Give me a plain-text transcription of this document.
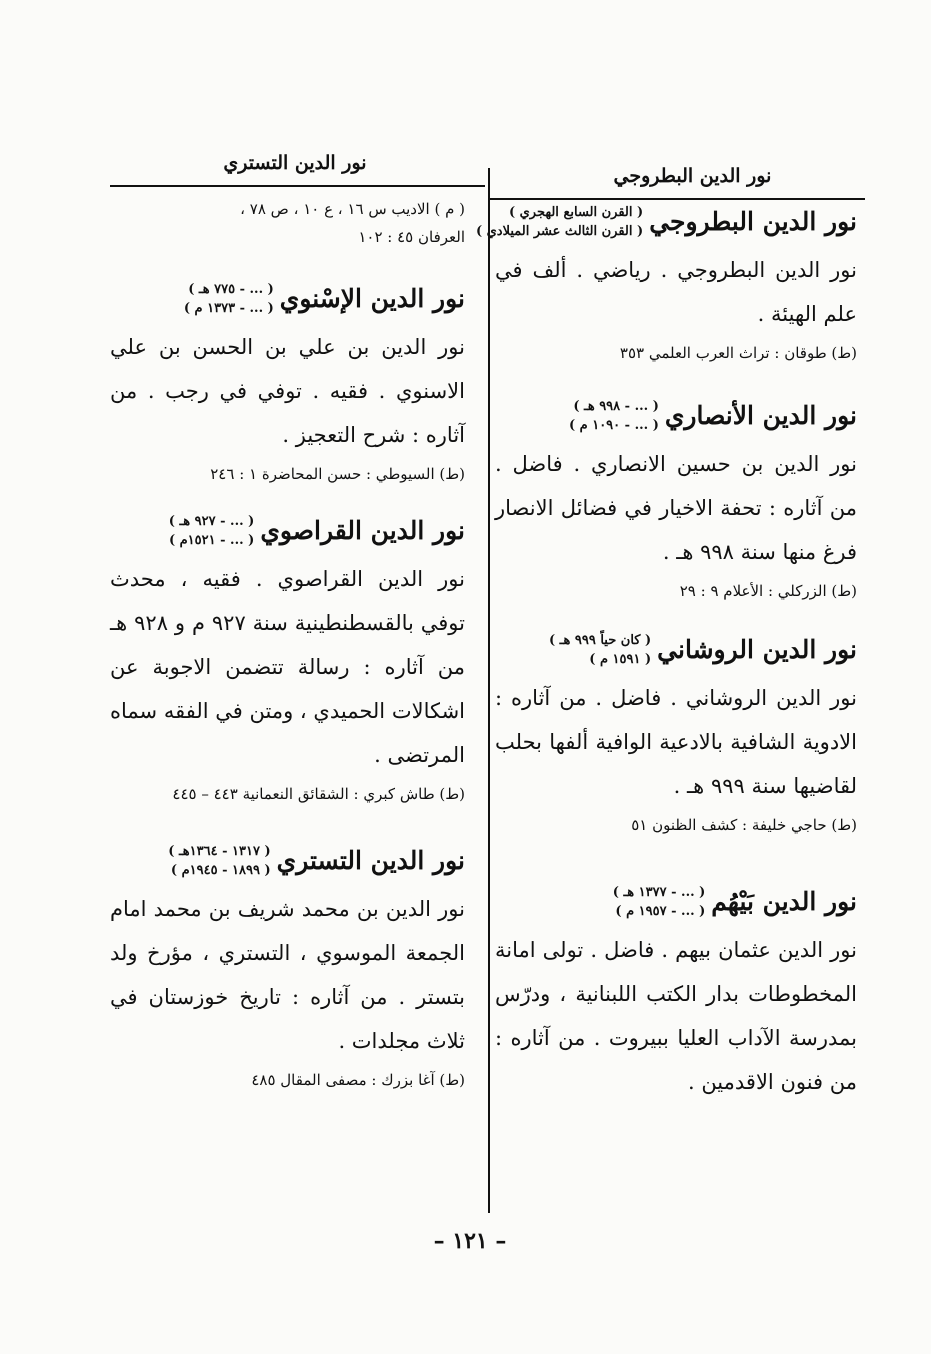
نور الدين البطروجي
نور الدين التستري
نور الدين البطروجي
( القرن السابع الهجري )
( القرن الثالث عشر الميلادي )
نور الدين البطروجي . رياضي . ألف في علم الهيئة .
(ط) طوقان : تراث العرب العلمي ٣٥٣
نور الدين الأنصاري
( ... - ٩٩٨ هـ )
( ... - ١٠٩٠ م )
نور الدين بن حسين الانصاري . فاضل . من آثاره : تحفة الاخيار في فضائل الانصار فرغ منها سنة ٩٩٨ هـ .
(ط) الزركلي : الأعلام ٩ : ٢٩
نور الدين الروشاني
( كان حياً ٩٩٩ هـ )
( ١٥٩١ م )
نور الدين الروشاني . فاضل . من آثاره : الادوية الشافية بالادعية الوافية ألفها بحلب لقاضيها سنة ٩٩٩ هـ .
(ط) حاجي خليفة : كشف الظنون ٥١
نور الدين بَيْهُم
( ... - ١٣٧٧ هـ )
( ... - ١٩٥٧ م )
نور الدين عثمان بيهم . فاضل . تولى امانة المخطوطات بدار الكتب اللبنانية ، ودرّس بمدرسة الآداب العليا ببيروت . من آثاره : من فنون الاقدمين .
( م ) الاديب س ١٦ ، ع ١٠ ، ص ٧٨ ،
العرفان ٤٥ : ١٠٢
نور الدين الإسْنوي
( ... - ٧٧٥ هـ )
( ... - ١٣٧٣ م )
نور الدين بن علي بن الحسن بن علي الاسنوي . فقيه . توفي في رجب . من آثاره : شرح التعجيز .
(ط) السيوطي : حسن المحاضرة ١ : ٢٤٦
نور الدين القراصوي
( ... - ٩٢٧ هـ )
( ... - ١٥٢١م )
نور الدين القراصوي . فقيه ، محدث توفي بالقسطنطينية سنة ٩٢٧ م و ٩٢٨ هـ من آثاره : رسالة تتضمن الاجوبة عن اشكالات الحميدي ، ومتن في الفقه سماه المرتضى .
(ط) طاش كبري : الشقائق النعمانية ٤٤٣ – ٤٤٥
نور الدين التستري
( ١٣١٧ - ١٣٦٤هـ )
( ١٨٩٩ - ١٩٤٥م )
نور الدين بن محمد شريف بن محمد امام الجمعة الموسوي ، التستري ، مؤرخ ولد بتستر . من آثاره : تاريخ خوزستان في ثلاث مجلدات .
(ط) آغا بزرك : مصفى المقال ٤٨٥
– ١٢١ –
